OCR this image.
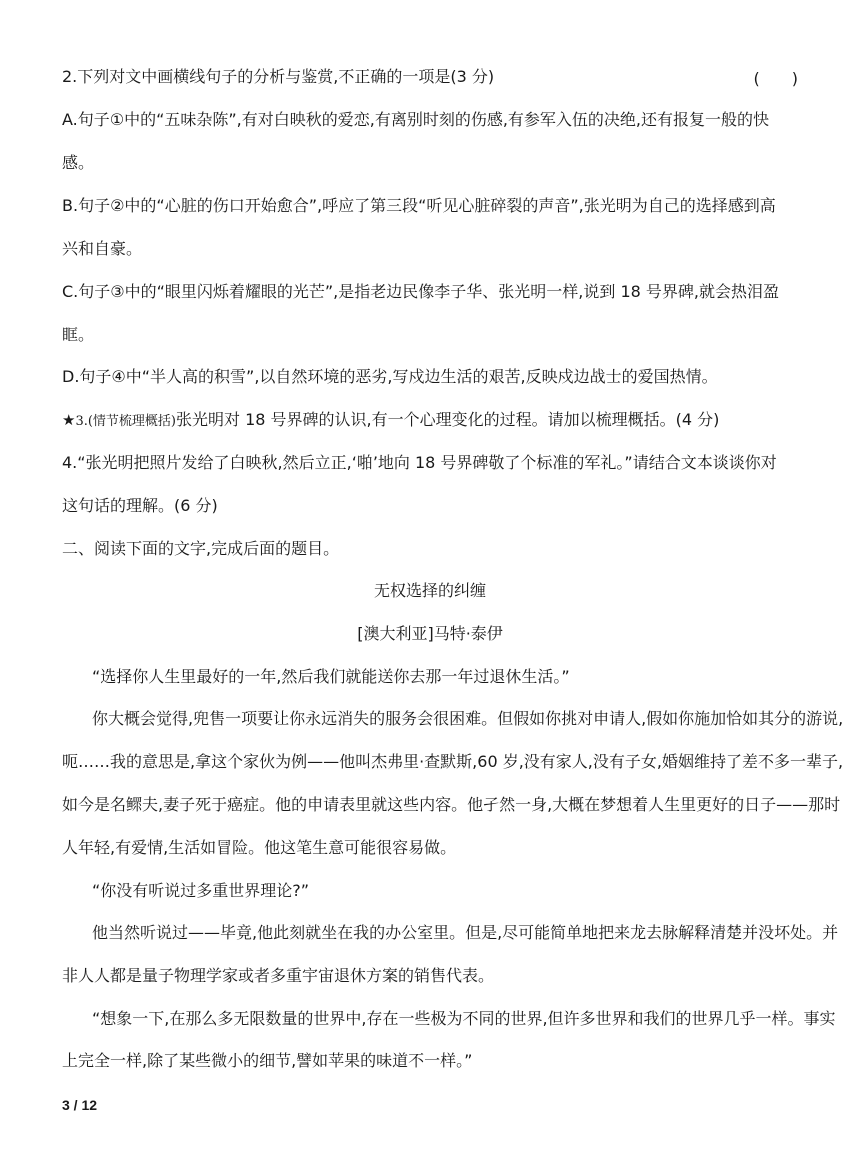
2.下列对文中画横线句子的分析与鉴赏,不正确的一项是(3 分)	(　　)
A.句子①中的“五味杂陈”,有对白映秋的爱恋,有离别时刻的伤感,有参军入伍的决绝,还有报复一般的快
感。
B.句子②中的“心脏的伤口开始愈合”,呼应了第三段“听见心脏碎裂的声音”,张光明为自己的选择感到高
兴和自豪。
C.句子③中的“眼里闪烁着耀眼的光芒”,是指老边民像李子华、张光明一样,说到 18 号界碑,就会热泪盈
眶。
D.句子④中“半人高的积雪”,以自然环境的恶劣,写戍边生活的艰苦,反映戍边战士的爱国热情。
★3.(情节梳理概括)张光明对 18 号界碑的认识,有一个心理变化的过程。请加以梳理概括。(4 分)
4.“张光明把照片发给了白映秋,然后立正,‘啪’地向 18 号界碑敬了个标准的军礼。”请结合文本谈谈你对
这句话的理解。(6 分)
二、阅读下面的文字,完成后面的题目。
无权选择的纠缠
[澳大利亚]马特·泰伊
“选择你人生里最好的一年,然后我们就能送你去那一年过退休生活。”
你大概会觉得,兜售一项要让你永远消失的服务会很困难。但假如你挑对申请人,假如你施加恰如其分的游说,
呃……我的意思是,拿这个家伙为例——他叫杰弗里·查默斯,60 岁,没有家人,没有子女,婚姻维持了差不多一辈子,
如今是名鳏夫,妻子死于癌症。他的申请表里就这些内容。他孑然一身,大概在梦想着人生里更好的日子——那时
人年轻,有爱情,生活如冒险。他这笔生意可能很容易做。
“你没有听说过多重世界理论?”
他当然听说过——毕竟,他此刻就坐在我的办公室里。但是,尽可能简单地把来龙去脉解释清楚并没坏处。并
非人人都是量子物理学家或者多重宇宙退休方案的销售代表。
“想象一下,在那么多无限数量的世界中,存在一些极为不同的世界,但许多世界和我们的世界几乎一样。事实
上完全一样,除了某些微小的细节,譬如苹果的味道不一样。”
3 / 12
